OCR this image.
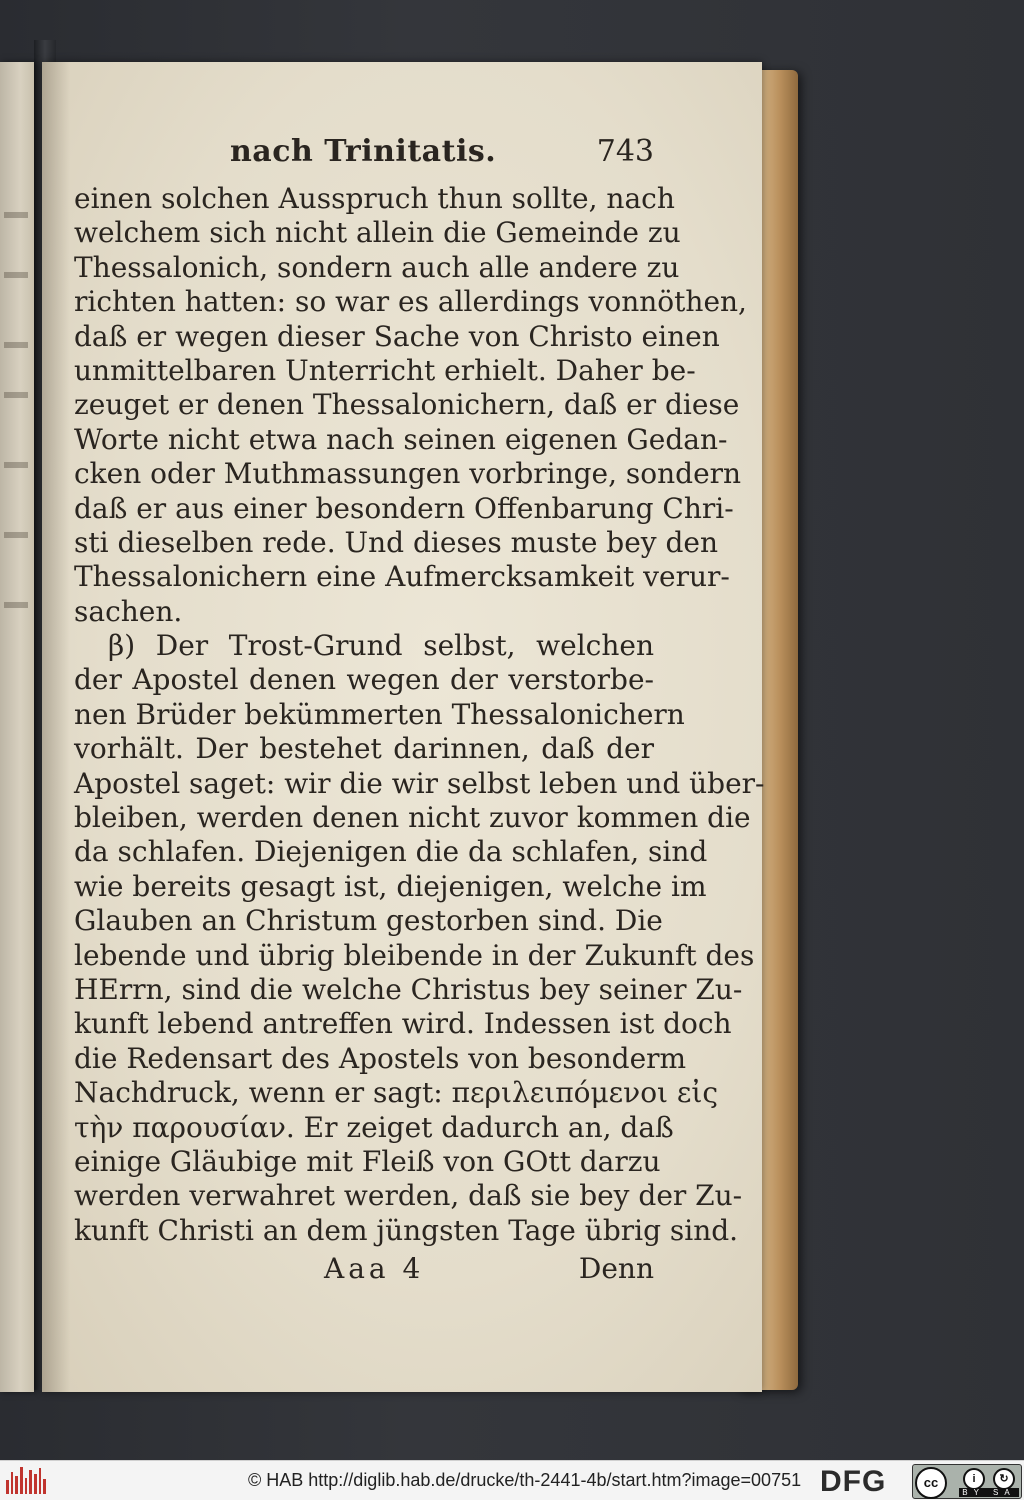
nach Trinitatis.	743
einen solchen Ausspruch thun sollte, nach
welchem sich nicht allein die Gemeinde zu
Thessalonich, sondern auch alle andere zu
richten hatten: so war es allerdings vonnöthen,
daß er wegen dieser Sache von Christo einen
unmittelbaren Unterricht erhielt. Daher be-
zeuget er denen Thessalonichern, daß er diese
Worte nicht etwa nach seinen eigenen Gedan-
cken oder Muthmassungen vorbringe, sondern
daß er aus einer besondern Offenbarung Chri-
sti dieselben rede. Und dieses muste bey den
Thessalonichern eine Aufmercksamkeit verur-
sachen.
β) Der Trost-Grund selbst, welchen
der Apostel denen wegen der verstorbe-
nen Brüder bekümmerten Thessalonichern
vorhält. Der bestehet darinnen, daß der
Apostel saget: wir die wir selbst leben und über-
bleiben, werden denen nicht zuvor kommen die
da schlafen. Diejenigen die da schlafen, sind
wie bereits gesagt ist, diejenigen, welche im
Glauben an Christum gestorben sind. Die
lebende und übrig bleibende in der Zukunft des
HErrn, sind die welche Christus bey seiner Zu-
kunft lebend antreffen wird. Indessen ist doch
die Redensart des Apostels von besonderm
Nachdruck, wenn er sagt: περιλειπόμενοι εἰς
τὴν παρουσίαν. Er zeiget dadurch an, daß
einige Gläubige mit Fleiß von GOtt darzu
werden verwahret werden, daß sie bey der Zu-
kunft Christi an dem jüngsten Tage übrig sind.
Aaa 4	Denn
© HAB http://diglib.hab.de/drucke/th-2441-4b/start.htm?image=00751 DFG	cc	i	↻
BY SA
